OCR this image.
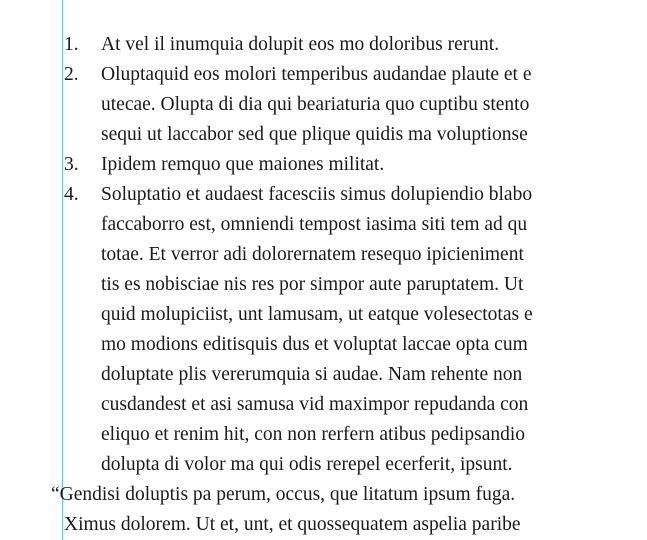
1. At vel il inumquia dolupit eos mo doloribus rerunt.
2. Oluptaquid eos molori temperibus audandae plaute et e
utecae. Olupta di dia qui beariaturia quo cuptibu stento
sequi ut laccabor sed que plique quidis ma voluptionse
3. Ipidem remquo que maiones militat.
4. Soluptatio et audaest facesciis simus dolupiendio blabo
faccaborro est, omniendi tempost iasima siti tem ad qu
totae. Et verror adi dolorernatem resequo ipicieniment
tis es nobisciae nis res por simpor aute paruptatem. Ut
quid molupiciist, unt lamusam, ut eatque volesectotas e
mo modions editisquis dus et voluptat laccae opta cum
doluptate plis vererumquia si audae. Nam rehente non
cusdandest et asi samusa vid maximpor repudanda con
eliquo et renim hit, con non rerfern atibus pedipsandio
dolupta di volor ma qui odis rerepel ecerferit, ipsunt.
“Gendisi doluptis pa perum, occus, que litatum ipsum fuga.
Ximus dolorem. Ut et, unt, et quossequatem aspelia paribe
